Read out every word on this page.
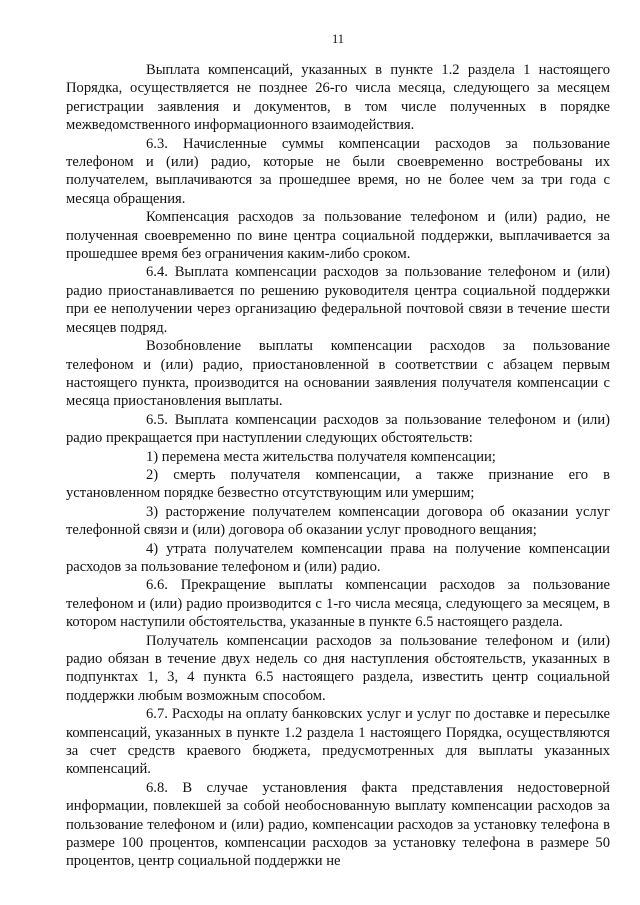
11

Выплата компенсаций, указанных в пункте 1.2 раздела 1 настоящего Порядка, осуществляется не позднее 26-го числа месяца, следующего за месяцем регистрации заявления и документов, в том числе полученных в порядке межведомственного информационного взаимодействия.

6.3. Начисленные суммы компенсации расходов за пользование телефоном и (или) радио, которые не были своевременно востребованы их получателем, выплачиваются за прошедшее время, но не более чем за три года с месяца обращения.

Компенсация расходов за пользование телефоном и (или) радио, не полученная своевременно по вине центра социальной поддержки, выплачивается за прошедшее время без ограничения каким-либо сроком.

6.4. Выплата компенсации расходов за пользование телефоном и (или) радио приостанавливается по решению руководителя центра социальной поддержки при ее неполучении через организацию федеральной почтовой связи в течение шести месяцев подряд.

Возобновление выплаты компенсации расходов за пользование телефоном и (или) радио, приостановленной в соответствии с абзацем первым настоящего пункта, производится на основании заявления получателя компенсации с месяца приостановления выплаты.

6.5. Выплата компенсации расходов за пользование телефоном и (или) радио прекращается при наступлении следующих обстоятельств:

1) перемена места жительства получателя компенсации;

2) смерть получателя компенсации, а также признание его в установленном порядке безвестно отсутствующим или умершим;

3) расторжение получателем компенсации договора об оказании услуг телефонной связи и (или) договора об оказании услуг проводного вещания;

4) утрата получателем компенсации права на получение компенсации расходов за пользование телефоном и (или) радио.

6.6. Прекращение выплаты компенсации расходов за пользование телефоном и (или) радио производится с 1-го числа месяца, следующего за месяцем, в котором наступили обстоятельства, указанные в пункте 6.5 настоящего раздела.

Получатель компенсации расходов за пользование телефоном и (или) радио обязан в течение двух недель со дня наступления обстоятельств, указанных в подпунктах 1, 3, 4 пункта 6.5 настоящего раздела, известить центр социальной поддержки любым возможным способом.

6.7. Расходы на оплату банковских услуг и услуг по доставке и пересылке компенсаций, указанных в пункте 1.2 раздела 1 настоящего Порядка, осуществляются за счет средств краевого бюджета, предусмотренных для выплаты указанных компенсаций.

6.8. В случае установления факта представления недостоверной информации, повлекшей за собой необоснованную выплату компенсации расходов за пользование телефоном и (или) радио, компенсации расходов за установку телефона в размере 100 процентов, компенсации расходов за установку телефона в размере 50 процентов, центр социальной поддержки не
